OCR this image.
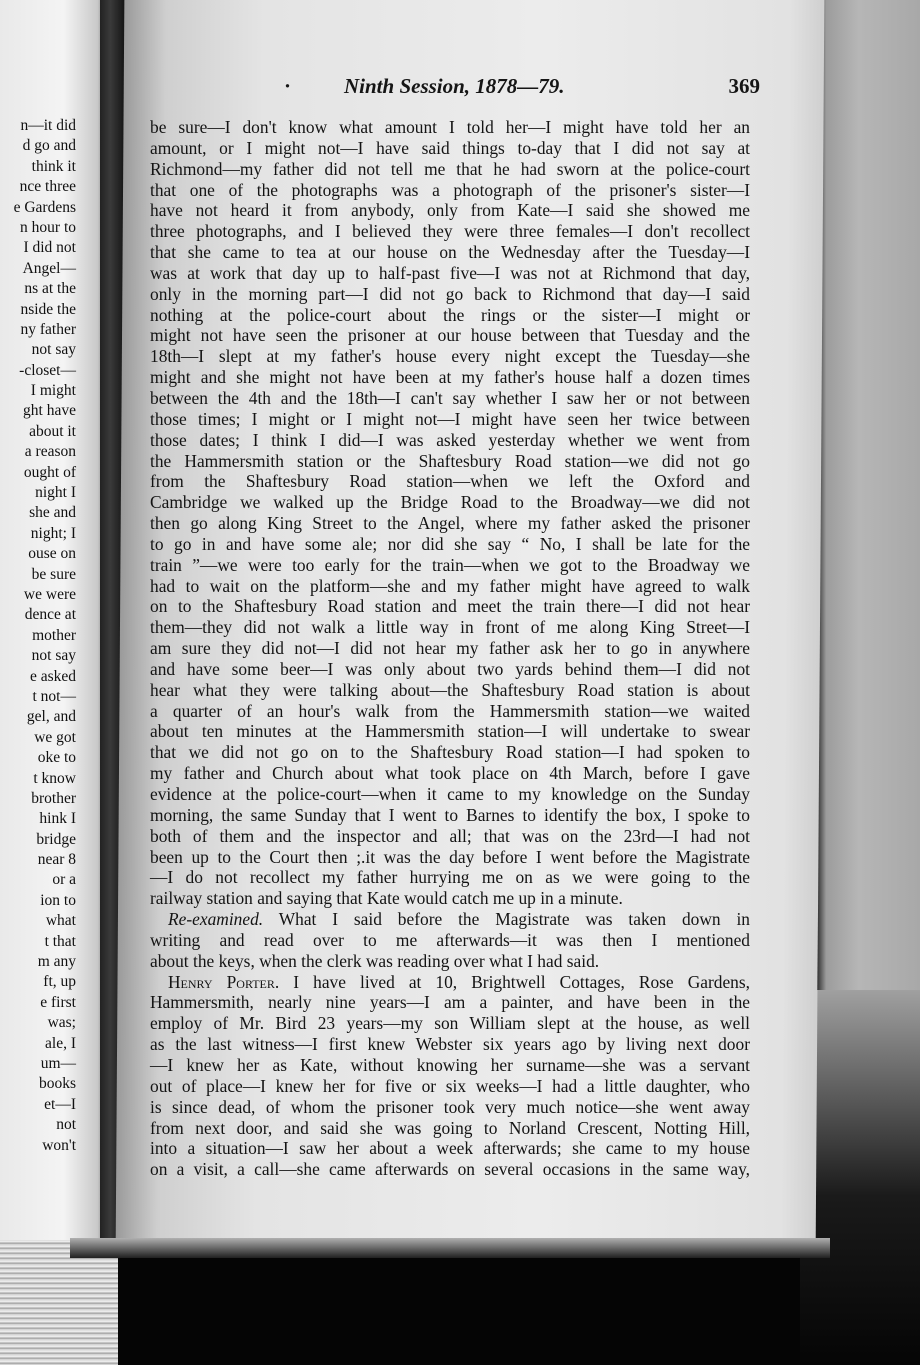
n—it did
d go and
think it
nce three
e Gardens
n hour to
I did not
Angel—
ns at the
nside the
ny father
not say
-closet—
I might
ght have
about it
a reason
ought of
night I
she and
night; I
ouse on
be sure
we were
dence at
mother
not say
e asked
t not—
gel, and
we got
oke to
t know
brother
hink I
bridge
near 8
or a
ion to
what
t that
m any
ft, up
e first
was;
ale, I
um—
books
et—I
not
won't
·	Ninth Session, 1878—79.	369
be sure—I don't know what amount I told her—I might have told her an
amount, or I might not—I have said things to-day that I did not say at
Richmond—my father did not tell me that he had sworn at the police-court
that one of the photographs was a photograph of the prisoner's sister—I
have not heard it from anybody, only from Kate—I said she showed me
three photographs, and I believed they were three females—I don't recollect
that she came to tea at our house on the Wednesday after the Tuesday—I
was at work that day up to half-past five—I was not at Richmond that day,
only in the morning part—I did not go back to Richmond that day—I said
nothing at the police-court about the rings or the sister—I might or
might not have seen the prisoner at our house between that Tuesday and the
18th—I slept at my father's house every night except the Tuesday—she
might and she might not have been at my father's house half a dozen times
between the 4th and the 18th—I can't say whether I saw her or not between
those times; I might or I might not—I might have seen her twice between
those dates; I think I did—I was asked yesterday whether we went from
the Hammersmith station or the Shaftesbury Road station—we did not go
from the Shaftesbury Road station—when we left the Oxford and
Cambridge we walked up the Bridge Road to the Broadway—we did not
then go along King Street to the Angel, where my father asked the prisoner
to go in and have some ale; nor did she say “ No, I shall be late for the
train ”—we were too early for the train—when we got to the Broadway we
had to wait on the platform—she and my father might have agreed to walk
on to the Shaftesbury Road station and meet the train there—I did not hear
them—they did not walk a little way in front of me along King Street—I
am sure they did not—I did not hear my father ask her to go in anywhere
and have some beer—I was only about two yards behind them—I did not
hear what they were talking about—the Shaftesbury Road station is about
a quarter of an hour's walk from the Hammersmith station—we waited
about ten minutes at the Hammersmith station—I will undertake to swear
that we did not go on to the Shaftesbury Road station—I had spoken to
my father and Church about what took place on 4th March, before I gave
evidence at the police-court—when it came to my knowledge on the Sunday
morning, the same Sunday that I went to Barnes to identify the box, I spoke to
both of them and the inspector and all; that was on the 23rd—I had not
been up to the Court then ;.it was the day before I went before the Magistrate
—I do not recollect my father hurrying me on as we were going to the
railway station and saying that Kate would catch me up in a minute.
Re-examined. What I said before the Magistrate was taken down in
writing and read over to me afterwards—it was then I mentioned
about the keys, when the clerk was reading over what I had said.
Henry Porter. I have lived at 10, Brightwell Cottages, Rose Gardens,
Hammersmith, nearly nine years—I am a painter, and have been in the
employ of Mr. Bird 23 years—my son William slept at the house, as well
as the last witness—I first knew Webster six years ago by living next door
—I knew her as Kate, without knowing her surname—she was a servant
out of place—I knew her for five or six weeks—I had a little daughter, who
is since dead, of whom the prisoner took very much notice—she went away
from next door, and said she was going to Norland Crescent, Notting Hill,
into a situation—I saw her about a week afterwards; she came to my house
on a visit, a call—she came afterwards on several occasions in the same way,
